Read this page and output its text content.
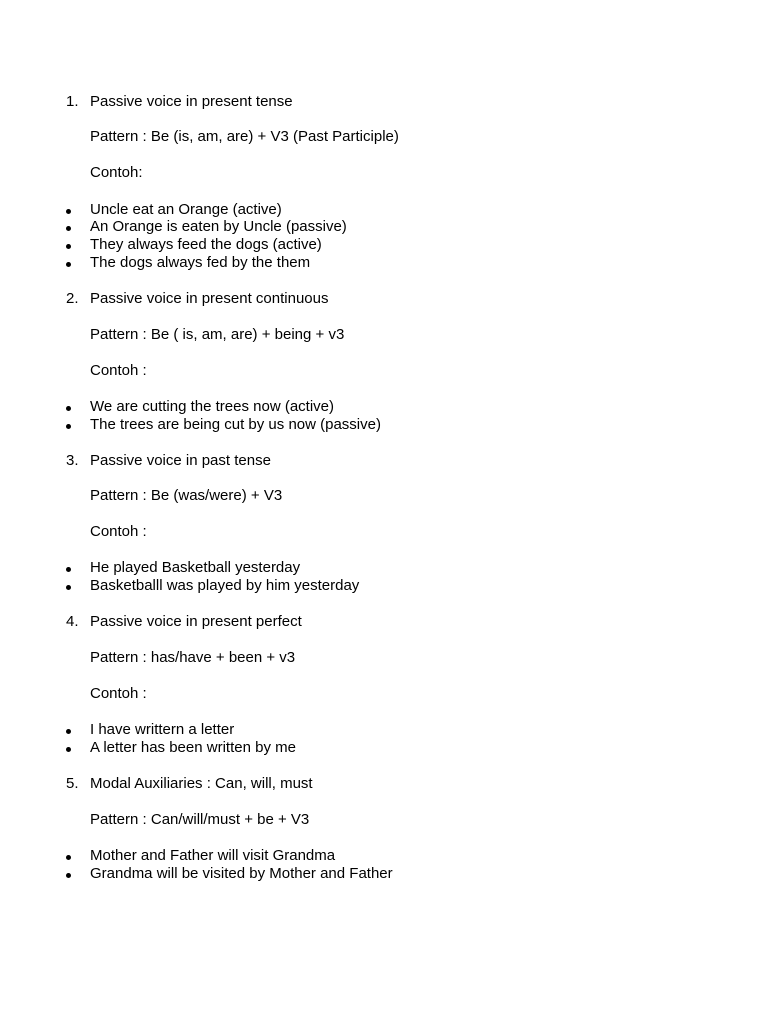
1. Passive voice in present tense
Pattern : Be (is, am, are) + V3 (Past Participle)
Contoh:
Uncle eat an Orange (active)
An Orange is eaten by Uncle (passive)
They always feed the dogs (active)
The dogs always fed by the them
2. Passive voice in present continuous
Pattern : Be ( is, am, are) + being + v3
Contoh :
We are cutting the trees now (active)
The trees are being cut by us now (passive)
3. Passive voice in past tense
Pattern : Be (was/were) + V3
Contoh :
He played Basketball yesterday
Basketballl was played by him yesterday
4. Passive voice in present perfect
Pattern : has/have + been + v3
Contoh :
I have writtern a letter
A letter has been written by me
5. Modal Auxiliaries : Can, will, must
Pattern : Can/will/must + be + V3
Mother and Father will visit Grandma
Grandma will be visited by Mother and Father
